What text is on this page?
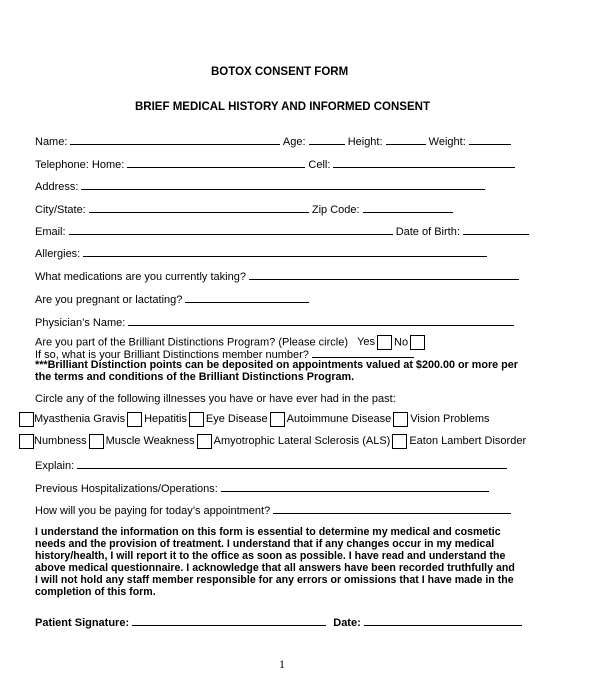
BOTOX CONSENT FORM
BRIEF MEDICAL HISTORY AND INFORMED CONSENT
Name:	Age:	Height:	Weight:
Telephone: Home:	Cell:
Address:
City/State:	Zip Code:
Email:	Date of Birth:
Allergies:
What medications are you currently taking?
Are you pregnant or lactating?
Physician’s Name:
Are you part of the Brilliant Distinctions Program? (Please circle) Yes No
If so, what is your Brilliant Distinctions member number?
***Brilliant Distinction points can be deposited on appointments valued at $200.00 or more per
the terms and conditions of the Brilliant Distinctions Program.
Circle any of the following illnesses you have or have ever had in the past:
Myasthenia Gravis Hepatitis Eye Disease Autoimmune Disease Vision Problems
Numbness Muscle Weakness Amyotrophic Lateral Sclerosis (ALS) Eaton Lambert Disorder
Explain:
Previous Hospitalizations/Operations:
How will you be paying for today’s appointment?
I understand the information on this form is essential to determine my medical and cosmetic
needs and the provision of treatment. I understand that if any changes occur in my medical
history/health, I will report it to the office as soon as possible. I have read and understand the
above medical questionnaire. I acknowledge that all answers have been recorded truthfully and
I will not hold any staff member responsible for any errors or omissions that I have made in the
completion of this form.
Patient Signature:	Date:
1
